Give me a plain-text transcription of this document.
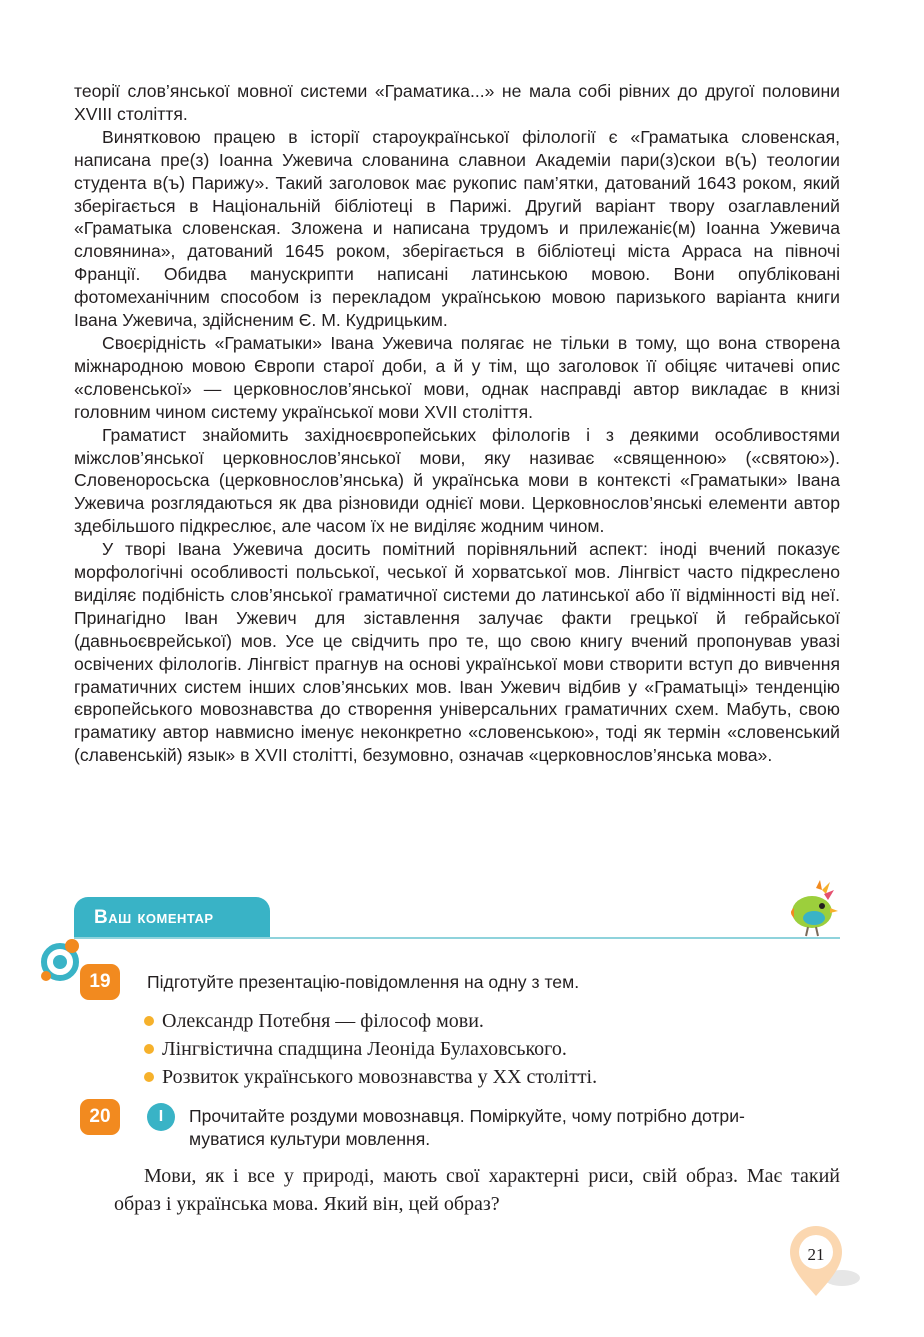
теорії слов’янської мовної системи «Граматика...» не мала собі рівних до другої половини XVIII століття.

Винятковою працею в історії староукраїнської філології є «Граматыка словенская, написана пре(з) Іоанна Ужевича слованина славнои Академіи пари(з)скои в(ъ) теологии студента в(ъ) Парижу». Такий заголовок має рукопис пам’ятки, датований 1643 роком, який зберігається в Національній бібліотеці в Парижі. Другий варіант твору озаглавлений «Граматыка словенская. Зложена и написана трудомъ и прилежаніє(м) Іоанна Ужевича словянина», датований 1645 роком, зберігається в бібліотеці міста Арраса на півночі Франції. Обидва манускрипти написані латинською мовою. Вони опубліковані фотомеханічним способом із перекладом українською мовою паризького варіанта книги Івана Ужевича, здійсненим Є. М. Кудрицьким.

Своєрідність «Граматыки» Івана Ужевича полягає не тільки в тому, що вона створена міжнародною мовою Європи старої доби, а й у тім, що заголовок її обіцяє читачеві опис «словенської» — церковнослов’янської мови, однак насправді автор викладає в книзі головним чином систему української мови XVII століття.

Граматист знайомить західноєвропейських філологів і з деякими особливостями міжслов’янської церковнослов’янської мови, яку називає «священною» («святою»). Словеноросьска (церковнослов’янська) й українська мови в контексті «Граматыки» Івана Ужевича розглядаються як два різновиди однієї мови. Церковнослов’янські елементи автор здебільшого підкреслює, але часом їх не виділяє жодним чином.

У творі Івана Ужевича досить помітний порівняльний аспект: іноді вчений показує морфологічні особливості польської, чеської й хорватської мов. Лінгвіст часто підкреслено виділяє подібність слов’янської граматичної системи до латинської або її відмінності від неї. Принагідно Іван Ужевич для зіставлення залучає факти грецької й гебрайської (давньоєврейської) мов. Усе це свідчить про те, що свою книгу вчений пропонував увазі освічених філологів. Лінгвіст прагнув на основі української мови створити вступ до вивчення граматичних систем інших слов’янських мов. Іван Ужевич відбив у «Граматыці» тенденцію європейського мовознавства до створення універсальних граматичних схем. Мабуть, свою граматику автор навмисно іменує неконкретно «словенською», тоді як термін «словенський (славенській) язык» в XVII столітті, безумовно, означав «церковнослов’янська мова».

Ваш коментар
19	Підготуйте презентацію-повідомлення на одну з тем.
Олександр Потебня — філософ мови.
Лінгвістична спадщина Леоніда Булаховського.
Розвиток українського мовознавства у ХХ столітті.
20	І	Прочитайте роздуми мовознавця. Поміркуйте, чому потрібно дотри-
муватися культури мовлення.

Мови, як і все у природі, мають свої характерні риси, свій образ. Має такий образ і українська мова. Який він, цей образ?

21
